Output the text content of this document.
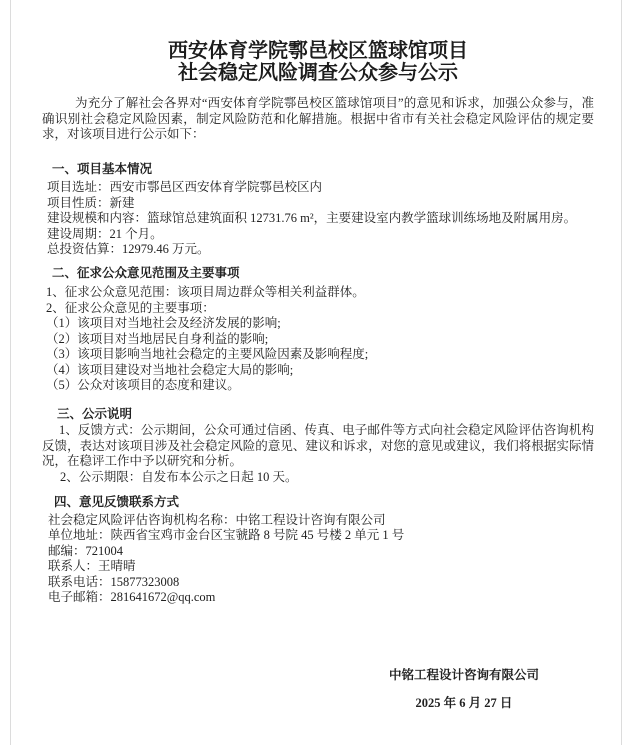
西安体育学院鄠邑校区篮球馆项目
社会稳定风险调查公众参与公示

为充分了解社会各界对“西安体育学院鄠邑校区篮球馆项目”的意见和诉求，加强公众参与，准确识别社会稳定风险因素，制定风险防范和化解措施。根据中省市有关社会稳定风险评估的规定要求，对该项目进行公示如下：

一、项目基本情况

项目选址：西安市鄠邑区西安体育学院鄠邑校区内

项目性质：新建

建设规模和内容：篮球馆总建筑面积 12731.76 m²，主要建设室内教学篮球训练场地及附属用房。

建设周期：21 个月。

总投资估算：12979.46 万元。

二、征求公众意见范围及主要事项

1、征求公众意见范围：该项目周边群众等相关利益群体。

2、征求公众意见的主要事项：

（1）该项目对当地社会及经济发展的影响;

（2）该项目对当地居民自身利益的影响;

（3）该项目影响当地社会稳定的主要风险因素及影响程度;

（4）该项目建设对当地社会稳定大局的影响;

（5）公众对该项目的态度和建议。

三、公示说明

1、反馈方式：公示期间，公众可通过信函、传真、电子邮件等方式向社会稳定风险评估咨询机构反馈，表达对该项目涉及社会稳定风险的意见、建议和诉求，对您的意见或建议，我们将根据实际情况，在稳评工作中予以研究和分析。

2、公示期限：自发布本公示之日起 10 天。

四、意见反馈联系方式

社会稳定风险评估咨询机构名称：中铭工程设计咨询有限公司

单位地址：陕西省宝鸡市金台区宝虢路 8 号院 45 号楼 2 单元 1 号

邮编：721004

联系人：王晴晴

联系电话：15877323008

电子邮箱：281641672@qq.com

中铭工程设计咨询有限公司

2025 年 6 月 27 日
